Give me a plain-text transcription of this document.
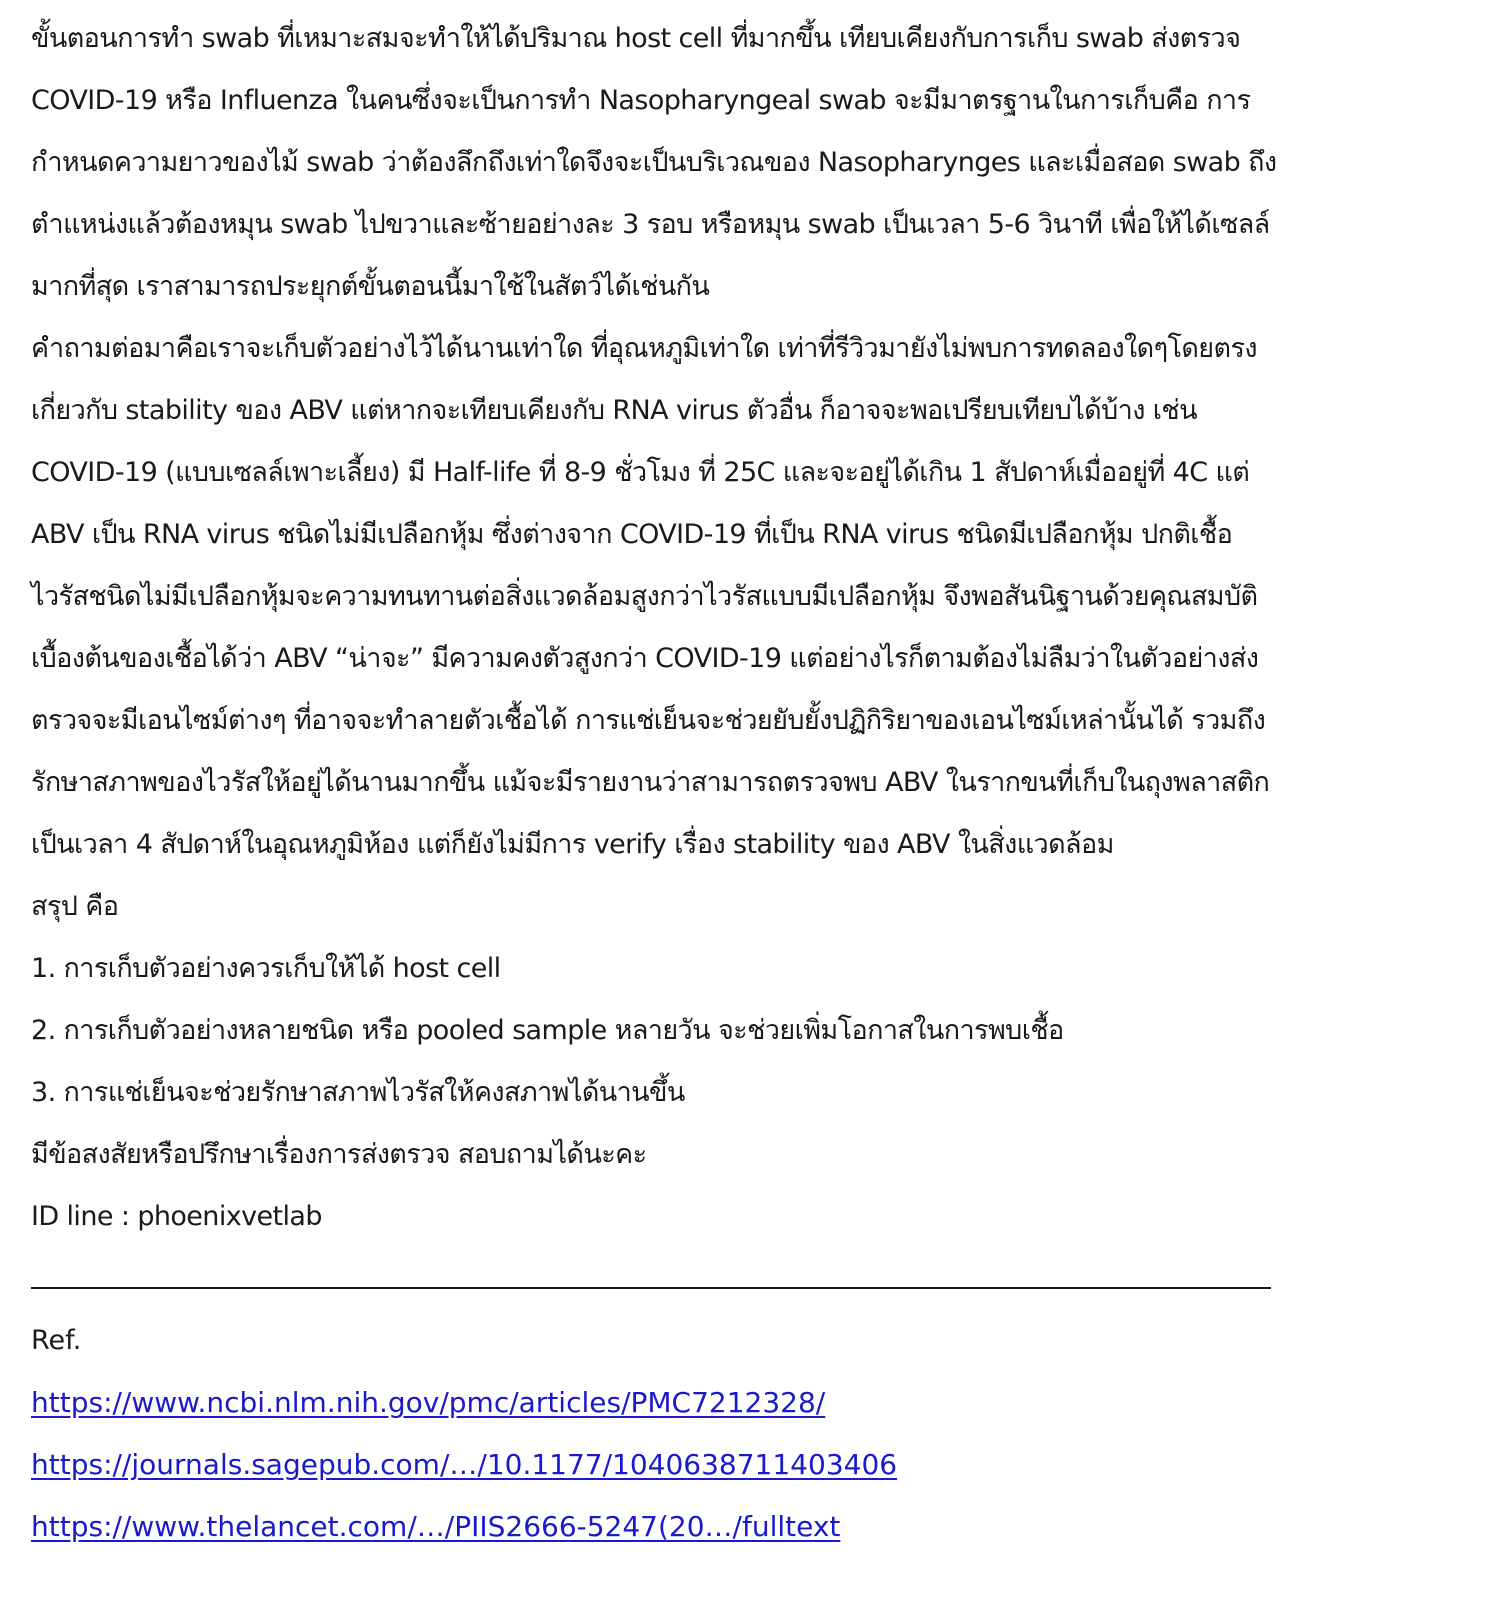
ขั้นตอนการทำ swab ที่เหมาะสมจะทำให้ได้ปริมาณ host cell ที่มากขึ้น เทียบเคียงกับการเก็บ swab ส่งตรวจ
COVID-19 หรือ Influenza ในคนซึ่งจะเป็นการทำ Nasopharyngeal swab จะมีมาตรฐานในการเก็บคือ การ
กำหนดความยาวของไม้ swab ว่าต้องลึกถึงเท่าใดจึงจะเป็นบริเวณของ Nasopharynges และเมื่อสอด swab ถึง
ตำแหน่งแล้วต้องหมุน swab ไปขวาและซ้ายอย่างละ 3 รอบ หรือหมุน swab เป็นเวลา 5-6 วินาที เพื่อให้ได้เซลล์
มากที่สุด เราสามารถประยุกต์ขั้นตอนนี้มาใช้ในสัตว์ได้เช่นกัน
คำถามต่อมาคือเราจะเก็บตัวอย่างไว้ได้นานเท่าใด ที่อุณหภูมิเท่าใด เท่าที่รีวิวมายังไม่พบการทดลองใดๆโดยตรง
เกี่ยวกับ stability ของ ABV แต่หากจะเทียบเคียงกับ RNA virus ตัวอื่น ก็อาจจะพอเปรียบเทียบได้บ้าง เช่น
COVID-19 (แบบเซลล์เพาะเลี้ยง) มี Half-life ที่ 8-9 ชั่วโมง ที่ 25C และจะอยู่ได้เกิน 1 สัปดาห์เมื่ออยู่ที่ 4C แต่
ABV เป็น RNA virus ชนิดไม่มีเปลือกหุ้ม ซึ่งต่างจาก COVID-19 ที่เป็น RNA virus ชนิดมีเปลือกหุ้ม ปกติเชื้อ
ไวรัสชนิดไม่มีเปลือกหุ้มจะความทนทานต่อสิ่งแวดล้อมสูงกว่าไวรัสแบบมีเปลือกหุ้ม จึงพอสันนิฐานด้วยคุณสมบัติ
เบื้องต้นของเชื้อได้ว่า ABV “น่าจะ” มีความคงตัวสูงกว่า COVID-19 แต่อย่างไรก็ตามต้องไม่ลืมว่าในตัวอย่างส่ง
ตรวจจะมีเอนไซม์ต่างๆ ที่อาจจะทำลายตัวเชื้อได้ การแช่เย็นจะช่วยยับยั้งปฏิกิริยาของเอนไซม์เหล่านั้นได้ รวมถึง
รักษาสภาพของไวรัสให้อยู่ได้นานมากขึ้น แม้จะมีรายงานว่าสามารถตรวจพบ ABV ในรากขนที่เก็บในถุงพลาสติก
เป็นเวลา 4 สัปดาห์ในอุณหภูมิห้อง แต่ก็ยังไม่มีการ verify เรื่อง stability ของ ABV ในสิ่งแวดล้อม
สรุป คือ
1. การเก็บตัวอย่างควรเก็บให้ได้ host cell
2. การเก็บตัวอย่างหลายชนิด หรือ pooled sample หลายวัน จะช่วยเพิ่มโอกาสในการพบเชื้อ
3. การแช่เย็นจะช่วยรักษาสภาพไวรัสให้คงสภาพได้นานขึ้น
มีข้อสงสัยหรือปรึกษาเรื่องการส่งตรวจ สอบถามได้นะคะ
ID line : phoenixvetlab
Ref.
https://www.ncbi.nlm.nih.gov/pmc/articles/PMC7212328/
https://journals.sagepub.com/…/10.1177/1040638711403406
https://www.thelancet.com/…/PIIS2666-5247(20…/fulltext
